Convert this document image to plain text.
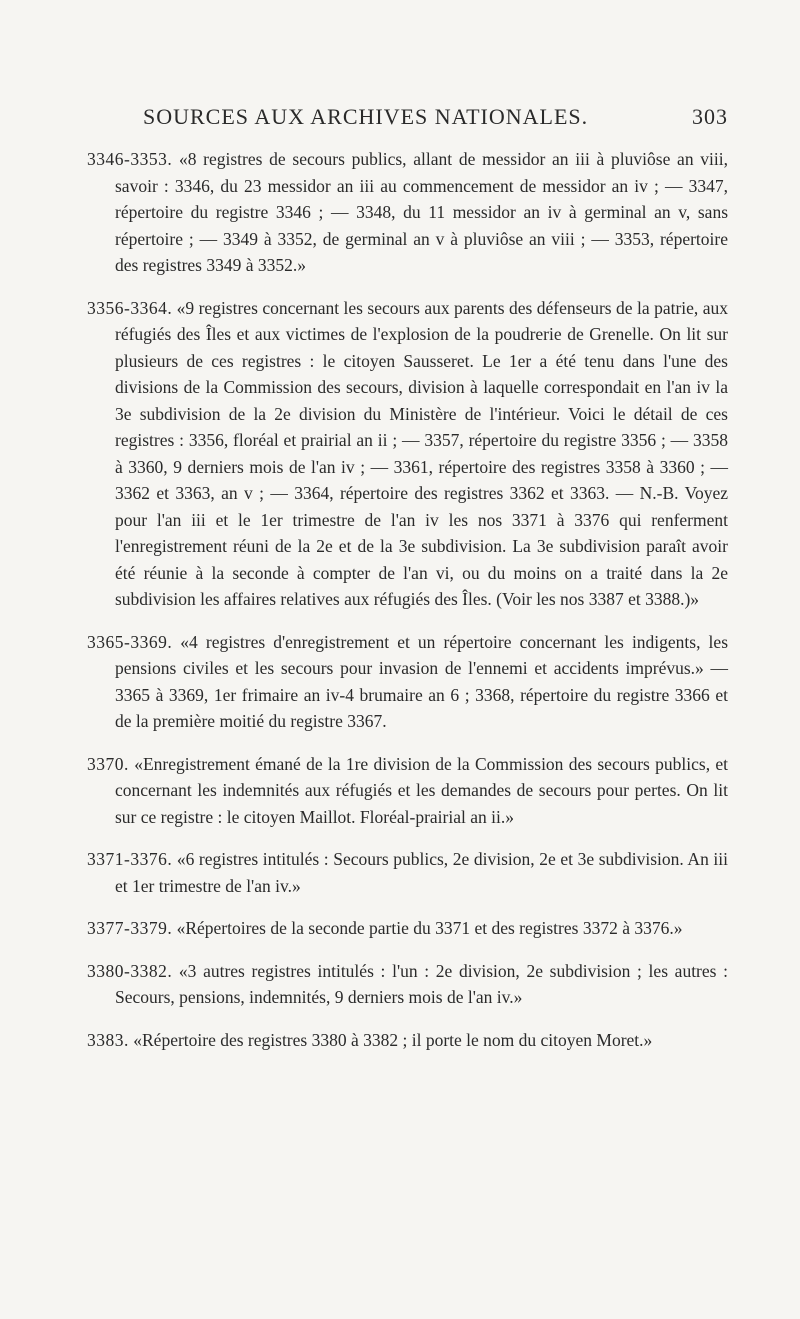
SOURCES AUX ARCHIVES NATIONALES.	303

3346-3353. «8 registres de secours publics, allant de messidor an iii à pluviôse an viii, savoir : 3346, du 23 messidor an iii au commencement de messidor an iv ; — 3347, répertoire du registre 3346 ; — 3348, du 11 messidor an iv à germinal an v, sans répertoire ; — 3349 à 3352, de germinal an v à pluviôse an viii ; — 3353, répertoire des registres 3349 à 3352.»

3356-3364. «9 registres concernant les secours aux parents des défenseurs de la patrie, aux réfugiés des Îles et aux victimes de l'explosion de la poudrerie de Grenelle. On lit sur plusieurs de ces registres : le citoyen Sausseret. Le 1er a été tenu dans l'une des divisions de la Commission des secours, division à laquelle correspondait en l'an iv la 3e subdivision de la 2e division du Ministère de l'intérieur. Voici le détail de ces registres : 3356, floréal et prairial an ii ; — 3357, répertoire du registre 3356 ; — 3358 à 3360, 9 derniers mois de l'an iv ; — 3361, répertoire des registres 3358 à 3360 ; — 3362 et 3363, an v ; — 3364, répertoire des registres 3362 et 3363. — N.-B. Voyez pour l'an iii et le 1er trimestre de l'an iv les nos 3371 à 3376 qui renferment l'enregistrement réuni de la 2e et de la 3e subdivision. La 3e subdivision paraît avoir été réunie à la seconde à compter de l'an vi, ou du moins on a traité dans la 2e subdivision les affaires relatives aux réfugiés des Îles. (Voir les nos 3387 et 3388.)»

3365-3369. «4 registres d'enregistrement et un répertoire concernant les indigents, les pensions civiles et les secours pour invasion de l'ennemi et accidents imprévus.» — 3365 à 3369, 1er frimaire an iv-4 brumaire an 6 ; 3368, répertoire du registre 3366 et de la première moitié du registre 3367.

3370. «Enregistrement émané de la 1re division de la Commission des secours publics, et concernant les indemnités aux réfugiés et les demandes de secours pour pertes. On lit sur ce registre : le citoyen Maillot. Floréal-prairial an ii.»

3371-3376. «6 registres intitulés : Secours publics, 2e division, 2e et 3e subdivision. An iii et 1er trimestre de l'an iv.»

3377-3379. «Répertoires de la seconde partie du 3371 et des registres 3372 à 3376.»

3380-3382. «3 autres registres intitulés : l'un : 2e division, 2e subdivision ; les autres : Secours, pensions, indemnités, 9 derniers mois de l'an iv.»

3383. «Répertoire des registres 3380 à 3382 ; il porte le nom du citoyen Moret.»
